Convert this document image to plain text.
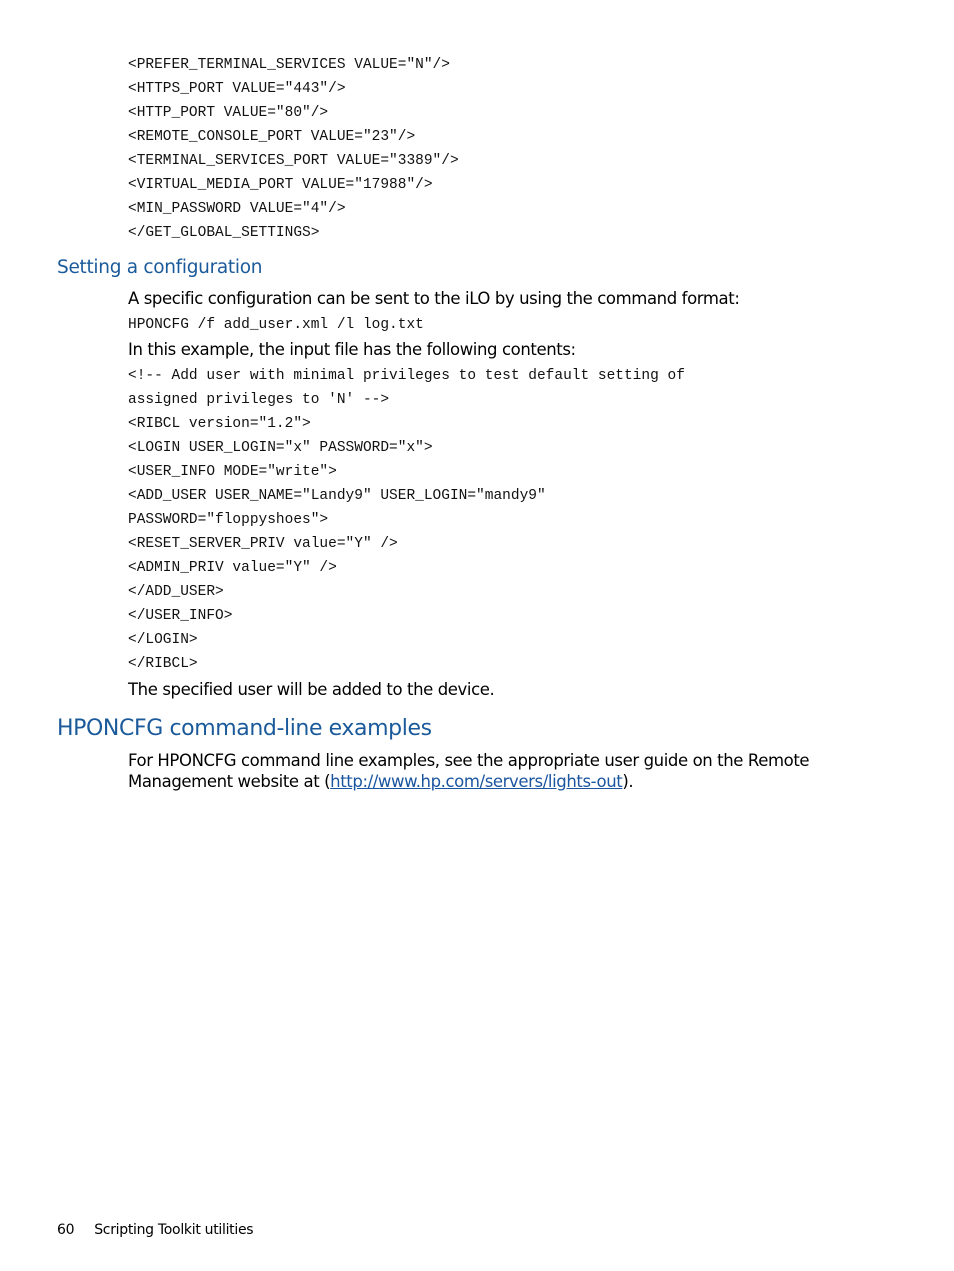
<PREFER_TERMINAL_SERVICES VALUE="N"/>
<HTTPS_PORT VALUE="443"/>
<HTTP_PORT VALUE="80"/>
<REMOTE_CONSOLE_PORT VALUE="23"/>
<TERMINAL_SERVICES_PORT VALUE="3389"/>
<VIRTUAL_MEDIA_PORT VALUE="17988"/>
<MIN_PASSWORD VALUE="4"/>
</GET_GLOBAL_SETTINGS>
Setting a configuration

A specific configuration can be sent to the iLO by using the command format:

HPONCFG /f add_user.xml /l log.txt

In this example, the input file has the following contents:

<!-- Add user with minimal privileges to test default setting of
assigned privileges to 'N' -->
<RIBCL version="1.2">
<LOGIN USER_LOGIN="x" PASSWORD="x">
<USER_INFO MODE="write">
<ADD_USER USER_NAME="Landy9" USER_LOGIN="mandy9"
PASSWORD="floppyshoes">
<RESET_SERVER_PRIV value="Y" />
<ADMIN_PRIV value="Y" />
</ADD_USER>
</USER_INFO>
</LOGIN>
</RIBCL>

The specified user will be added to the device.

HPONCFG command-line examples

For HPONCFG command line examples, see the appropriate user guide on the Remote Management website at (http://www.hp.com/servers/lights-out).

60 Scripting Toolkit utilities
